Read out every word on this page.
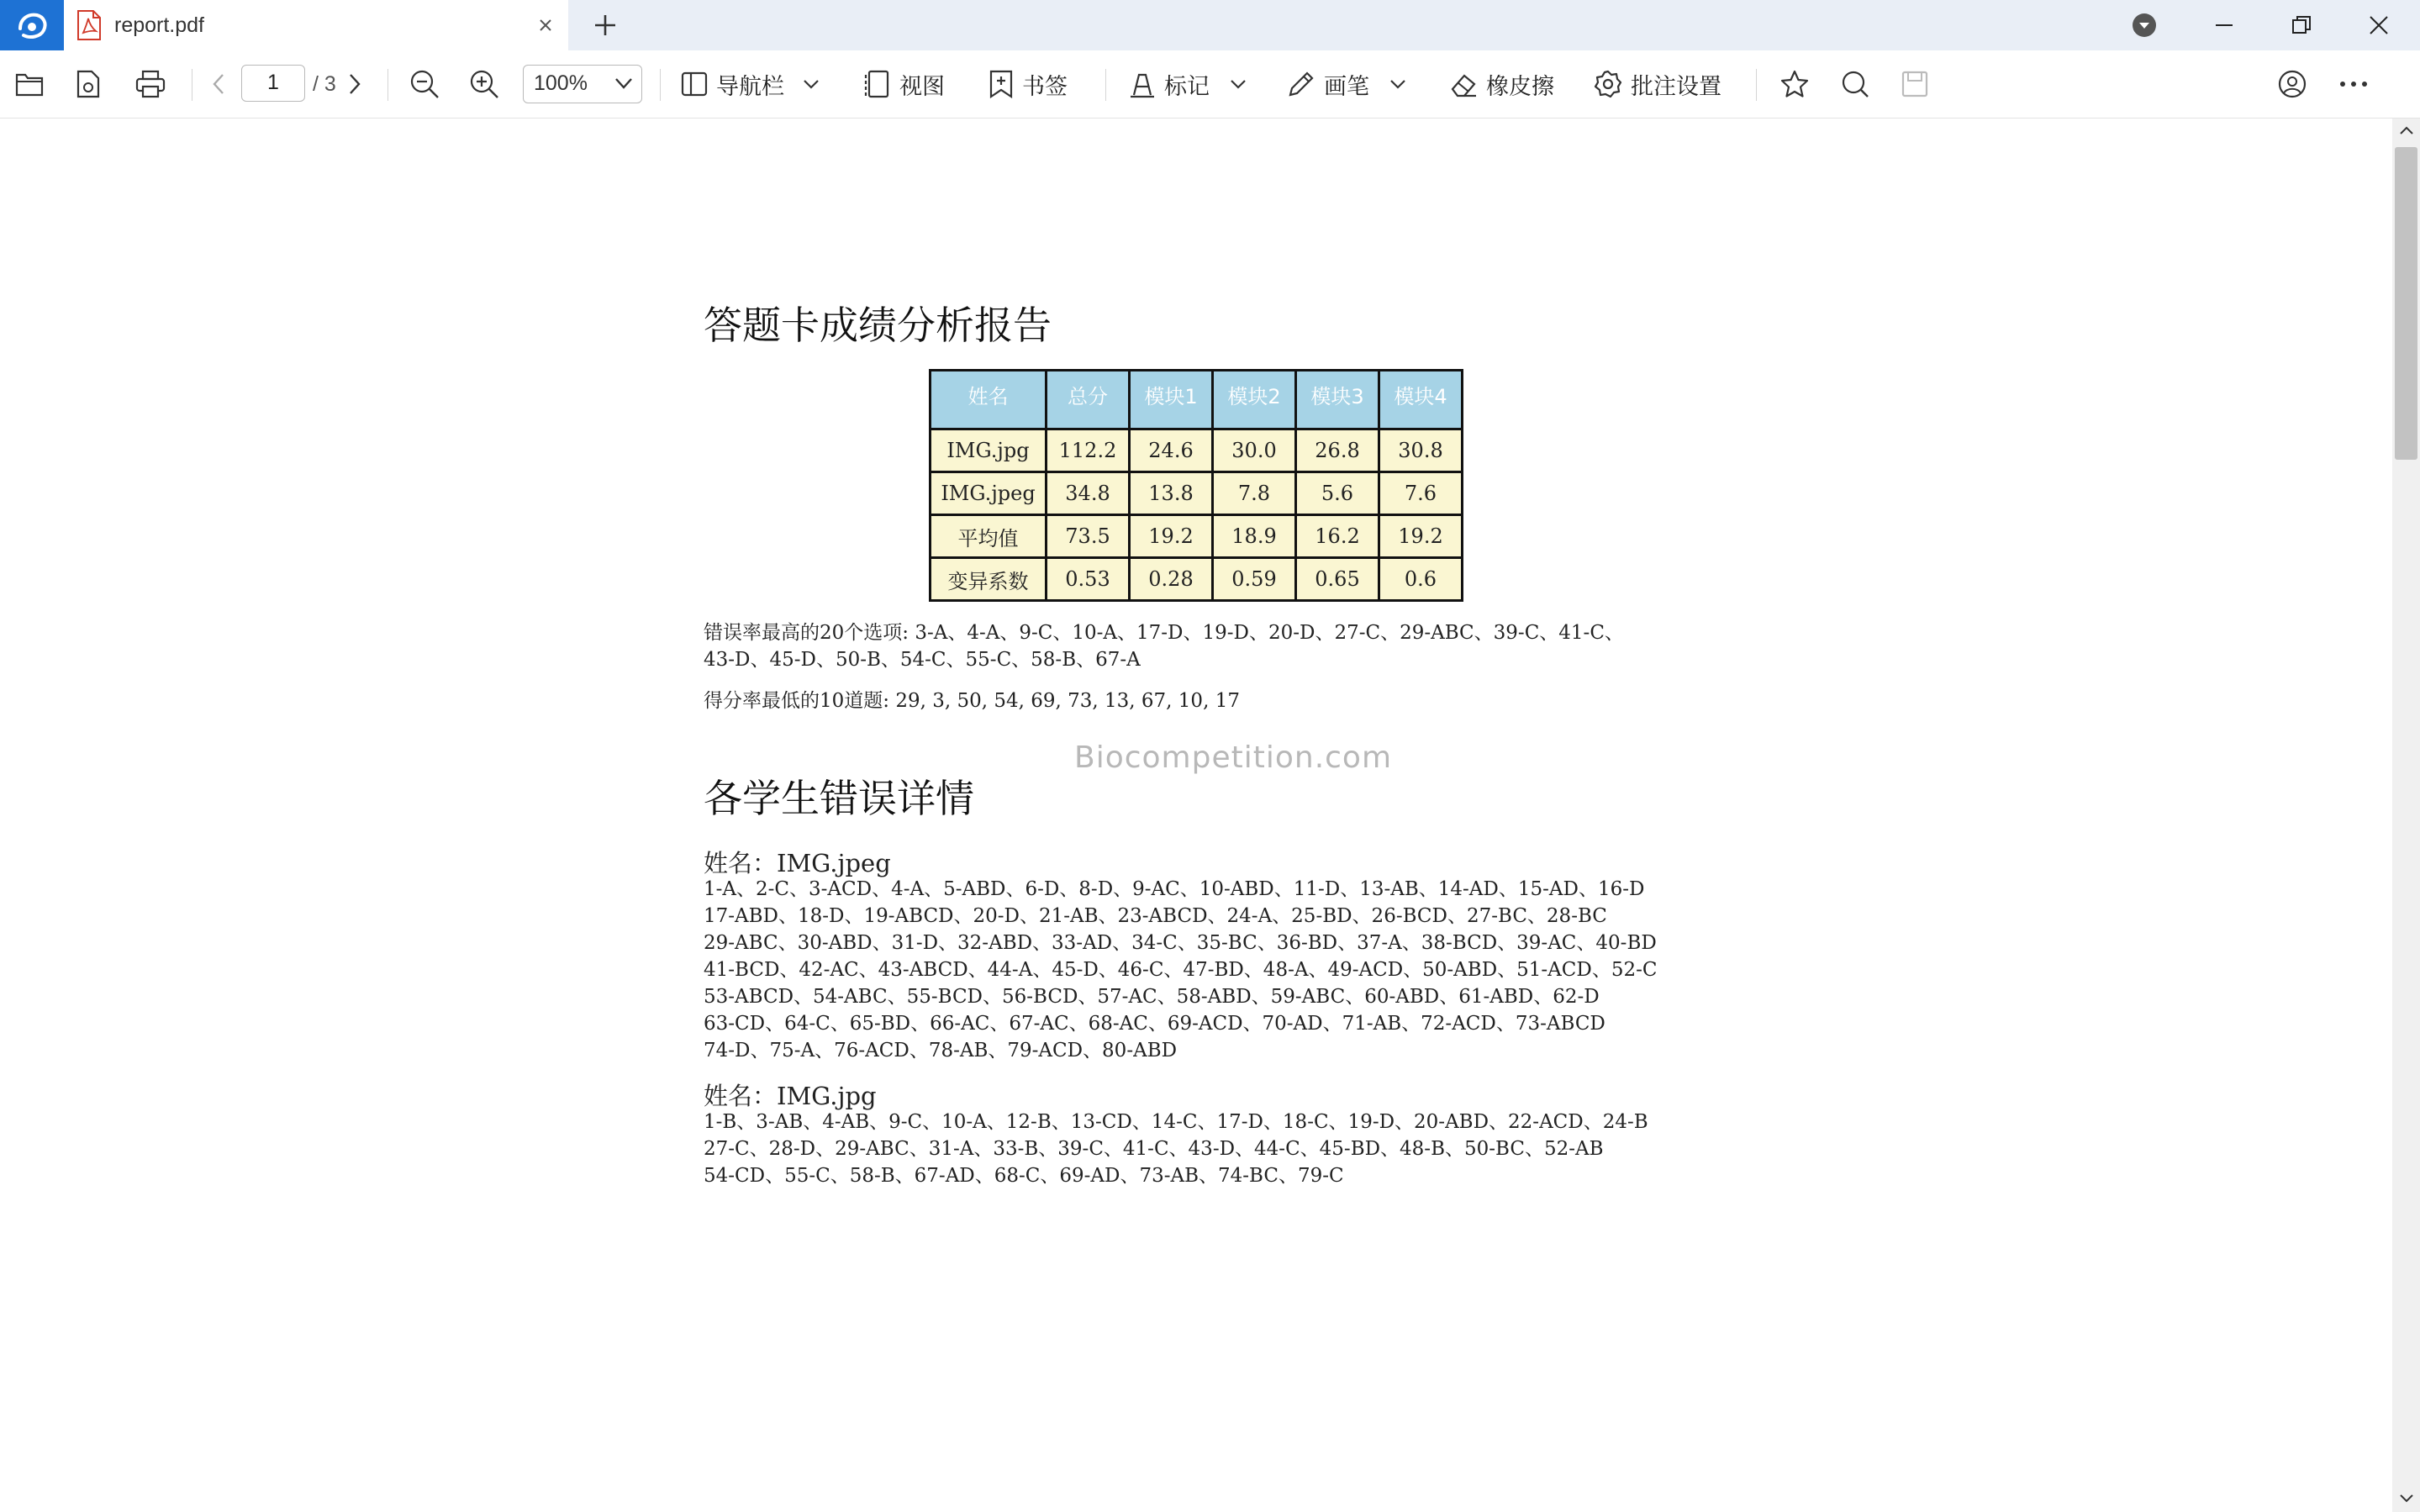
report.pdf
1	/ 3	100%	导航栏	视图	书签	标记	画笔	橡皮擦	批注设置
答题卡成绩分析报告
姓名	总分	模块1	模块2	模块3	模块4
IMG.jpg	112.2	24.6	30.0	26.8	30.8
IMG.jpeg	34.8	13.8	7.8	5.6	7.6
平均值	73.5	19.2	18.9	16.2	19.2
变异系数	0.53	0.28	0.59	0.65	0.6
错误率最高的20个选项: 3-A、4-A、9-C、10-A、17-D、19-D、20-D、27-C、29-ABC、39-C、41-C、
43-D、45-D、50-B、54-C、55-C、58-B、67-A
得分率最低的10道题: 29, 3, 50, 54, 69, 73, 13, 67, 10, 17
Biocompetition.com
各学生错误详情
姓名：IMG.jpeg
1-A、2-C、3-ACD、4-A、5-ABD、6-D、8-D、9-AC、10-ABD、11-D、13-AB、14-AD、15-AD、16-D
17-ABD、18-D、19-ABCD、20-D、21-AB、23-ABCD、24-A、25-BD、26-BCD、27-BC、28-BC
29-ABC、30-ABD、31-D、32-ABD、33-AD、34-C、35-BC、36-BD、37-A、38-BCD、39-AC、40-BD
41-BCD、42-AC、43-ABCD、44-A、45-D、46-C、47-BD、48-A、49-ACD、50-ABD、51-ACD、52-C
53-ABCD、54-ABC、55-BCD、56-BCD、57-AC、58-ABD、59-ABC、60-ABD、61-ABD、62-D
63-CD、64-C、65-BD、66-AC、67-AC、68-AC、69-ACD、70-AD、71-AB、72-ACD、73-ABCD
74-D、75-A、76-ACD、78-AB、79-ACD、80-ABD
姓名：IMG.jpg
1-B、3-AB、4-AB、9-C、10-A、12-B、13-CD、14-C、17-D、18-C、19-D、20-ABD、22-ACD、24-B
27-C、28-D、29-ABC、31-A、33-B、39-C、41-C、43-D、44-C、45-BD、48-B、50-BC、52-AB
54-CD、55-C、58-B、67-AD、68-C、69-AD、73-AB、74-BC、79-C
